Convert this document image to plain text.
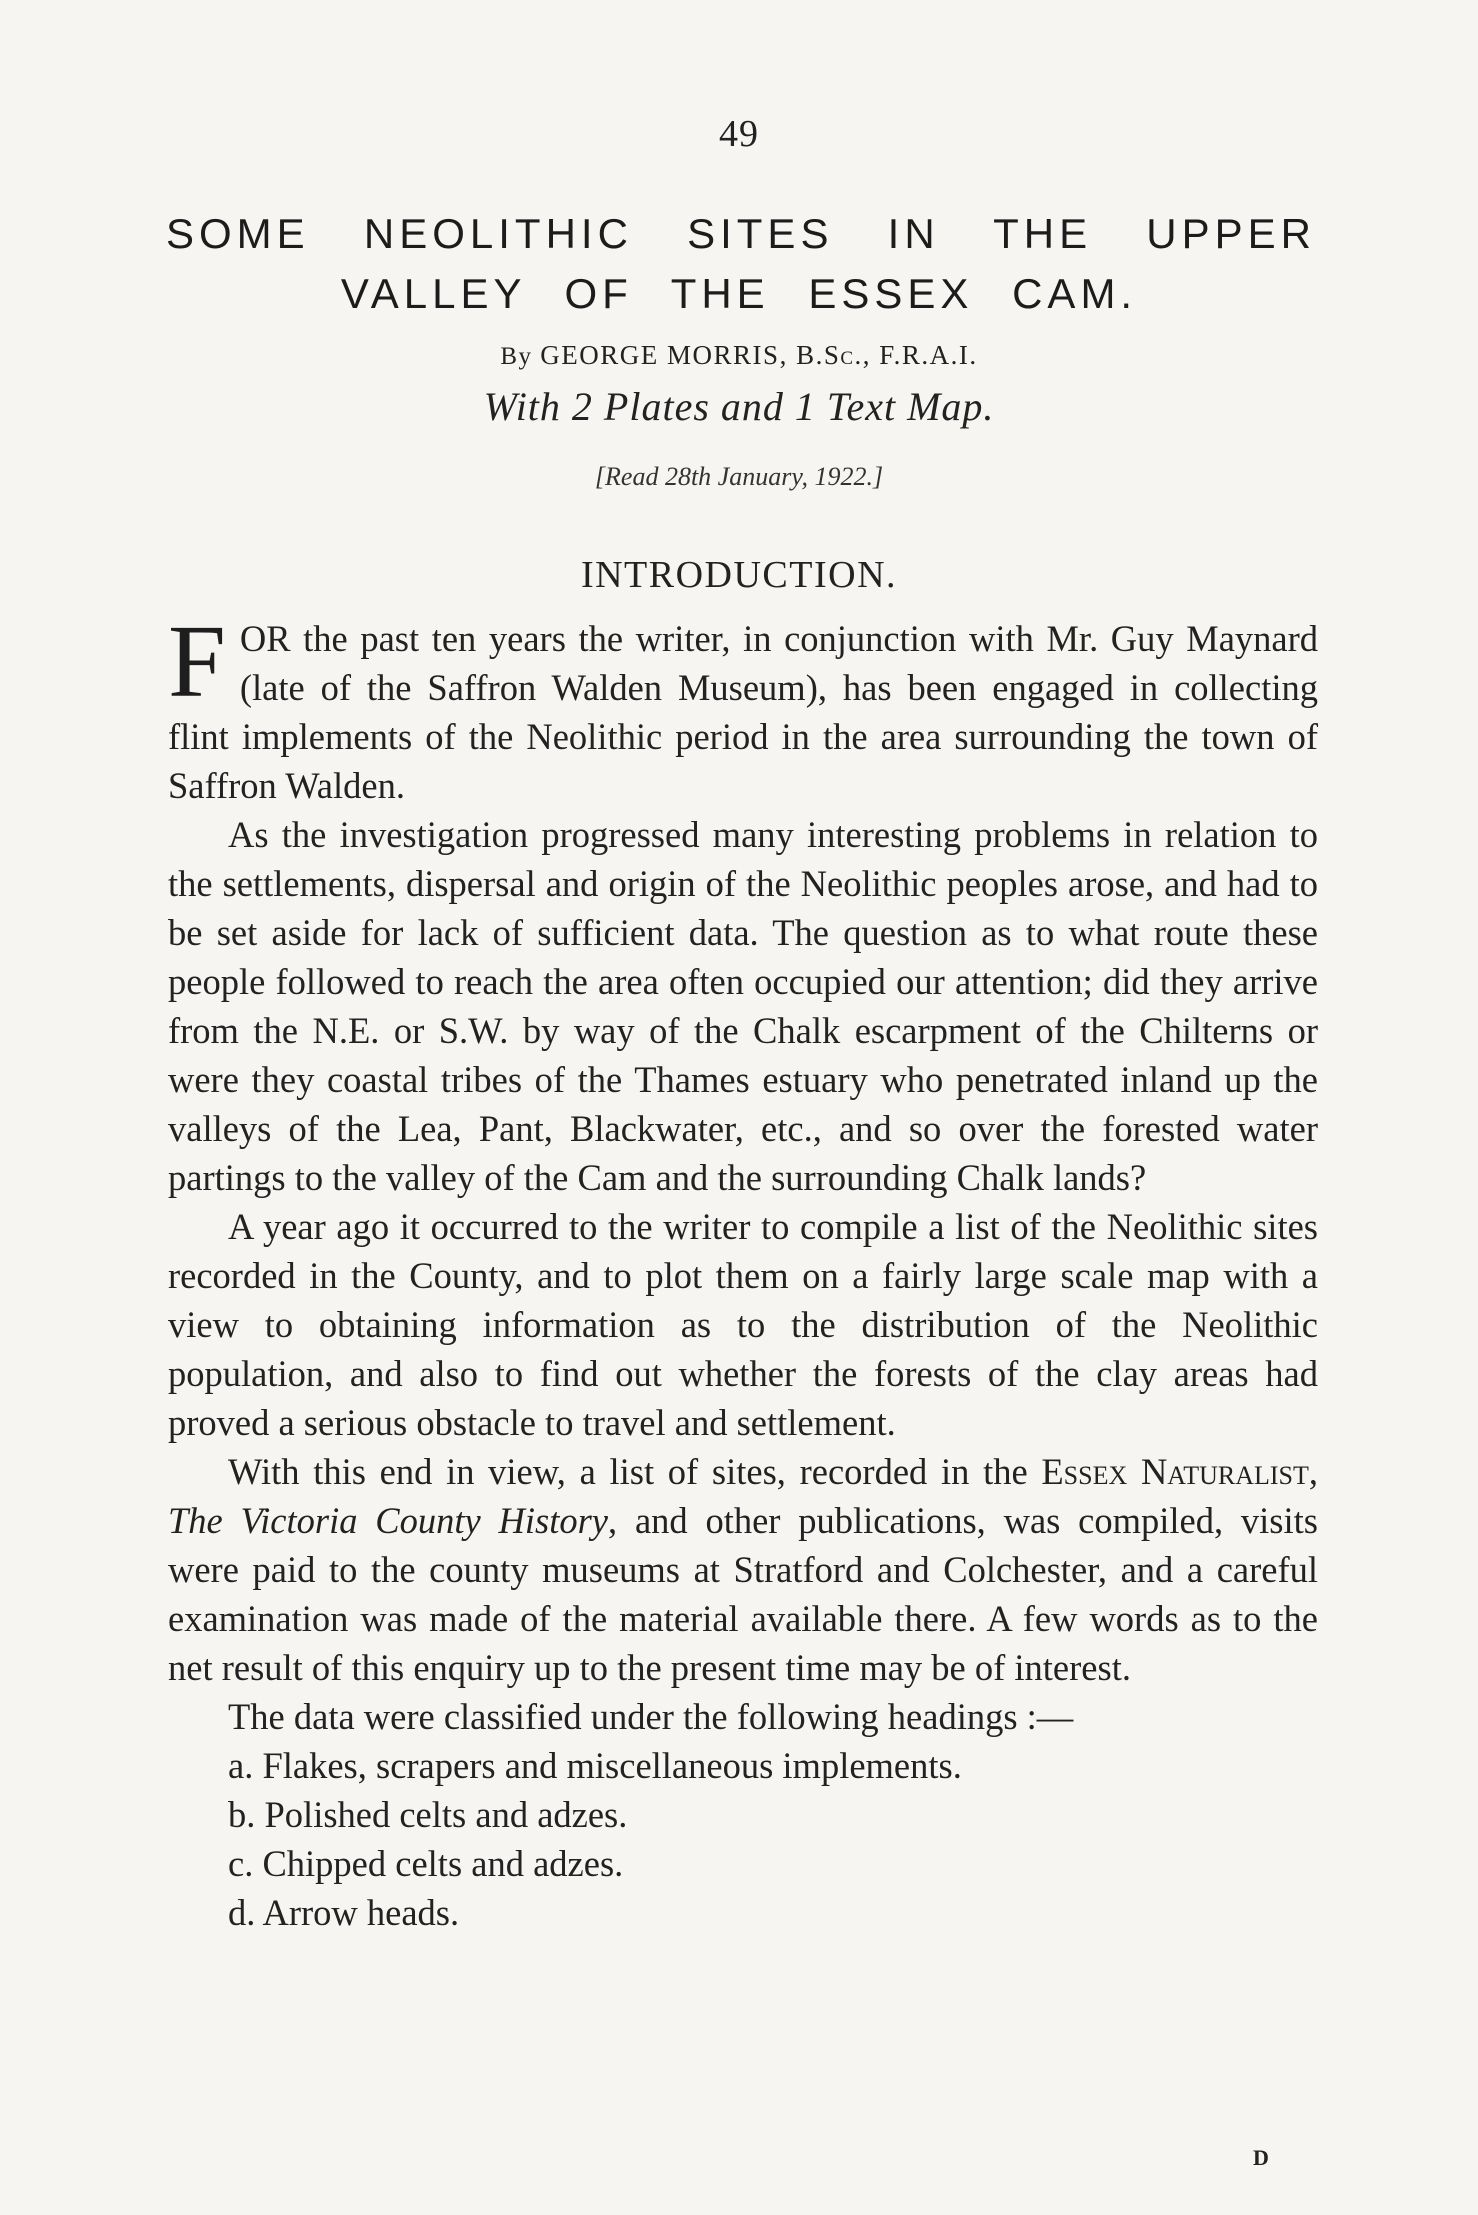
49
SOME NEOLITHIC SITES IN THE UPPER
VALLEY OF THE ESSEX CAM.
By GEORGE MORRIS, B.Sc., F.R.A.I.
With 2 Plates and 1 Text Map.
[Read 28th January, 1922.]
INTRODUCTION.

FOR the past ten years the writer, in conjunction with Mr. Guy Maynard (late of the Saffron Walden Museum), has been engaged in collecting flint implements of the Neolithic period in the area surrounding the town of Saffron Walden.

As the investigation progressed many interesting problems in relation to the settlements, dispersal and origin of the Neolithic peoples arose, and had to be set aside for lack of sufficient data. The question as to what route these people followed to reach the area often occupied our attention; did they arrive from the N.E. or S.W. by way of the Chalk escarpment of the Chilterns or were they coastal tribes of the Thames estuary who penetrated inland up the valleys of the Lea, Pant, Blackwater, etc., and so over the forested water partings to the valley of the Cam and the surrounding Chalk lands?

A year ago it occurred to the writer to compile a list of the Neolithic sites recorded in the County, and to plot them on a fairly large scale map with a view to obtaining information as to the distribution of the Neolithic population, and also to find out whether the forests of the clay areas had proved a serious obstacle to travel and settlement.

With this end in view, a list of sites, recorded in the Essex Naturalist, The Victoria County History, and other publications, was compiled, visits were paid to the county museums at Stratford and Colchester, and a careful examination was made of the material available there. A few words as to the net result of this enquiry up to the present time may be of interest.

The data were classified under the following headings :—

a. Flakes, scrapers and miscellaneous implements.
b. Polished celts and adzes.
c. Chipped celts and adzes.
d. Arrow heads.
D
